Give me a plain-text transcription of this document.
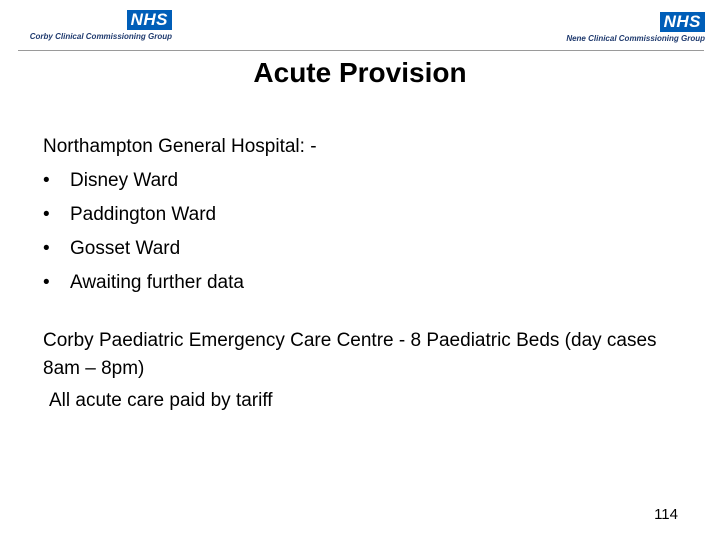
NHS
Corby Clinical Commissioning Group
NHS
Nene Clinical Commissioning Group
Acute Provision

Northampton General Hospital: -

•	Disney Ward
•	Paddington Ward
•	Gosset Ward
•	Awaiting further data

Corby Paediatric Emergency Care Centre - 8 Paediatric Beds (day cases 8am – 8pm)

All acute care paid by tariff

114
